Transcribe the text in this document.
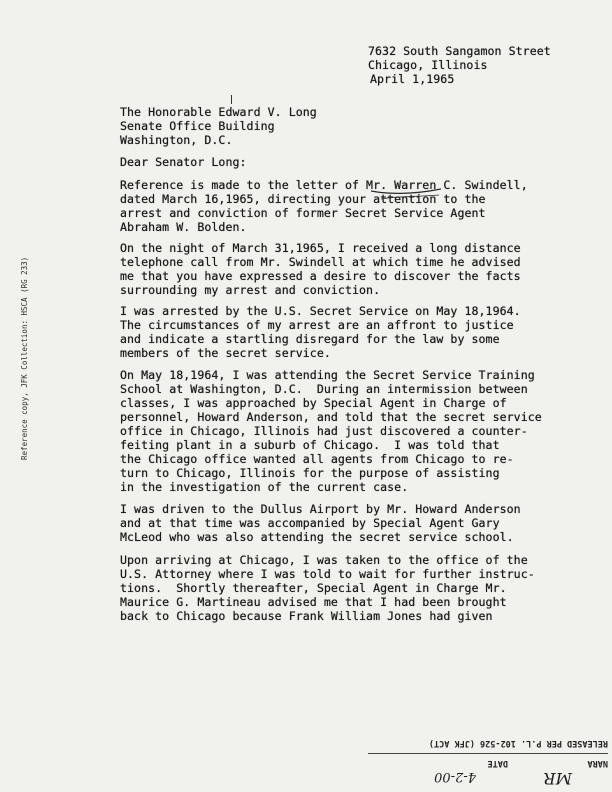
7632 South Sangamon Street
Chicago, Illinois
April 1,1965
The Honorable Edward V. Long
Senate Office Building
Washington, D.C.
Dear Senator Long:
Reference is made to the letter of Mr. Warren C. Swindell,
dated March 16,1965, directing your attention to the
arrest and conviction of former Secret Service Agent
Abraham W. Bolden.
On the night of March 31,1965, I received a long distance
telephone call from Mr. Swindell at which time he advised
me that you have expressed a desire to discover the facts
surrounding my arrest and conviction.
I was arrested by the U.S. Secret Service on May 18,1964.
The circumstances of my arrest are an affront to justice
and indicate a startling disregard for the law by some
members of the secret service.
On May 18,1964, I was attending the Secret Service Training
School at Washington, D.C.  During an intermission between
classes, I was approached by Special Agent in Charge of
personnel, Howard Anderson, and told that the secret service
office in Chicago, Illinois had just discovered a counter-
feiting plant in a suburb of Chicago.  I was told that
the Chicago office wanted all agents from Chicago to re-
turn to Chicago, Illinois for the purpose of assisting
in the investigation of the current case.
I was driven to the Dullus Airport by Mr. Howard Anderson
and at that time was accompanied by Special Agent Gary
McLeod who was also attending the secret service school.
Upon arriving at Chicago, I was taken to the office of the
U.S. Attorney where I was told to wait for further instruc-
tions.  Shortly thereafter, Special Agent in Charge Mr.
Maurice G. Martineau advised me that I had been brought
back to Chicago because Frank William Jones had given
Reference copy, JFK Collection: HSCA (RG 233)
RELEASED PER P.L. 102-526 (JFK ACT)
NARA
MR
DATE
4-2-00
